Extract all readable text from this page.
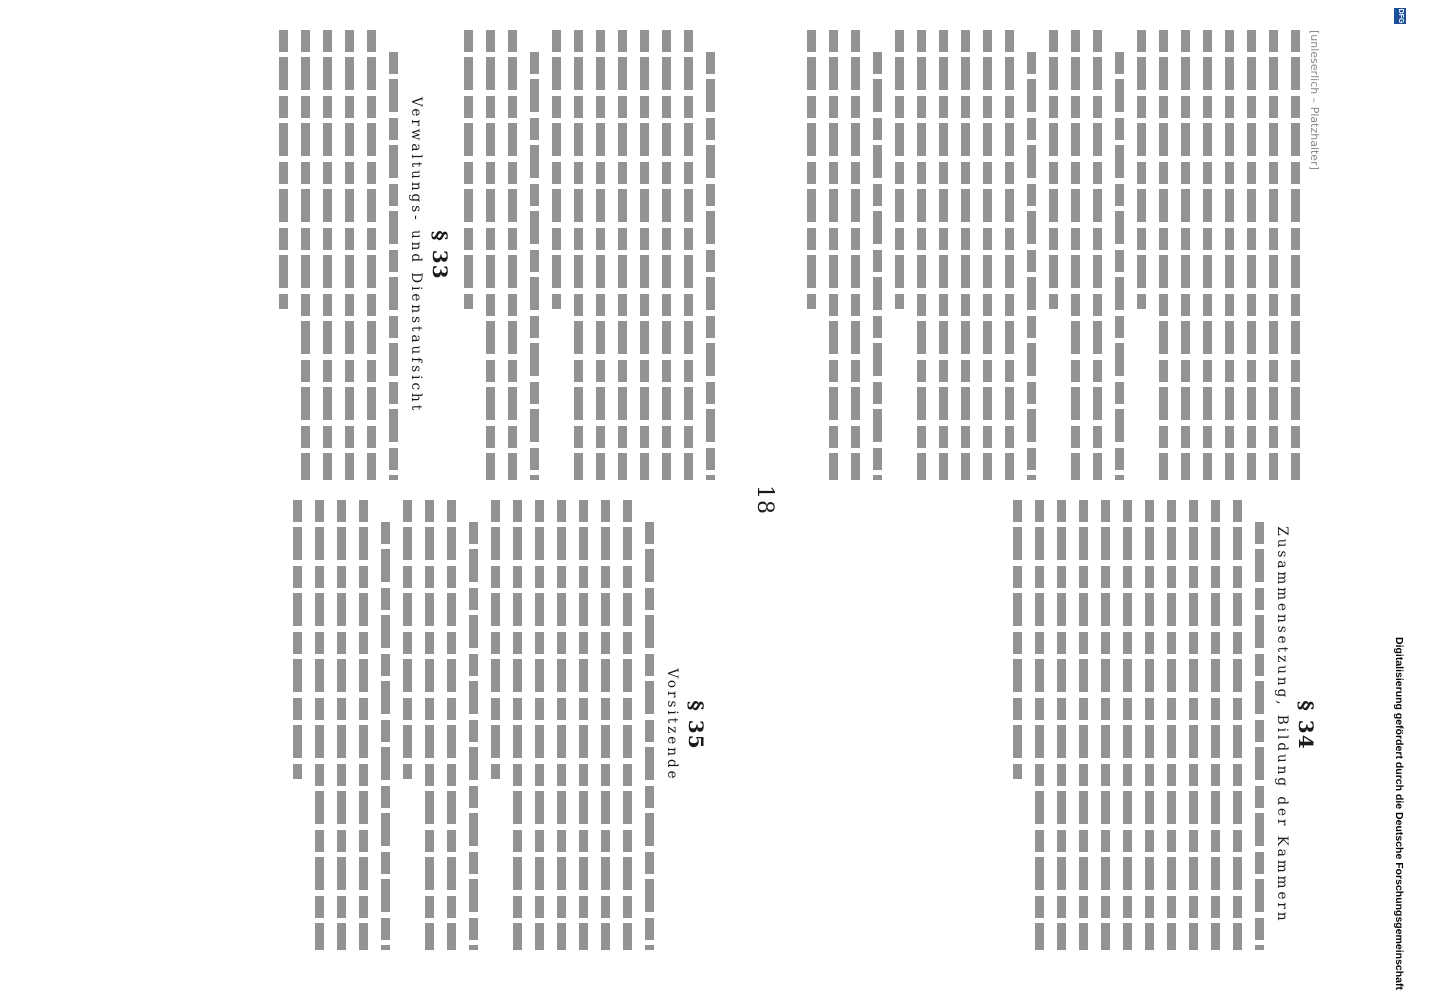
[unleserlich – Platzhalter]

18

§ 33

Verwaltungs- und Dienstaufsicht

§ 34

Zusammensetzung, Bildung der Kammern

§ 35

Vorsitzende

DFG
Digitalisierung gefördert durch die Deutsche Forschungsgemeinschaft
